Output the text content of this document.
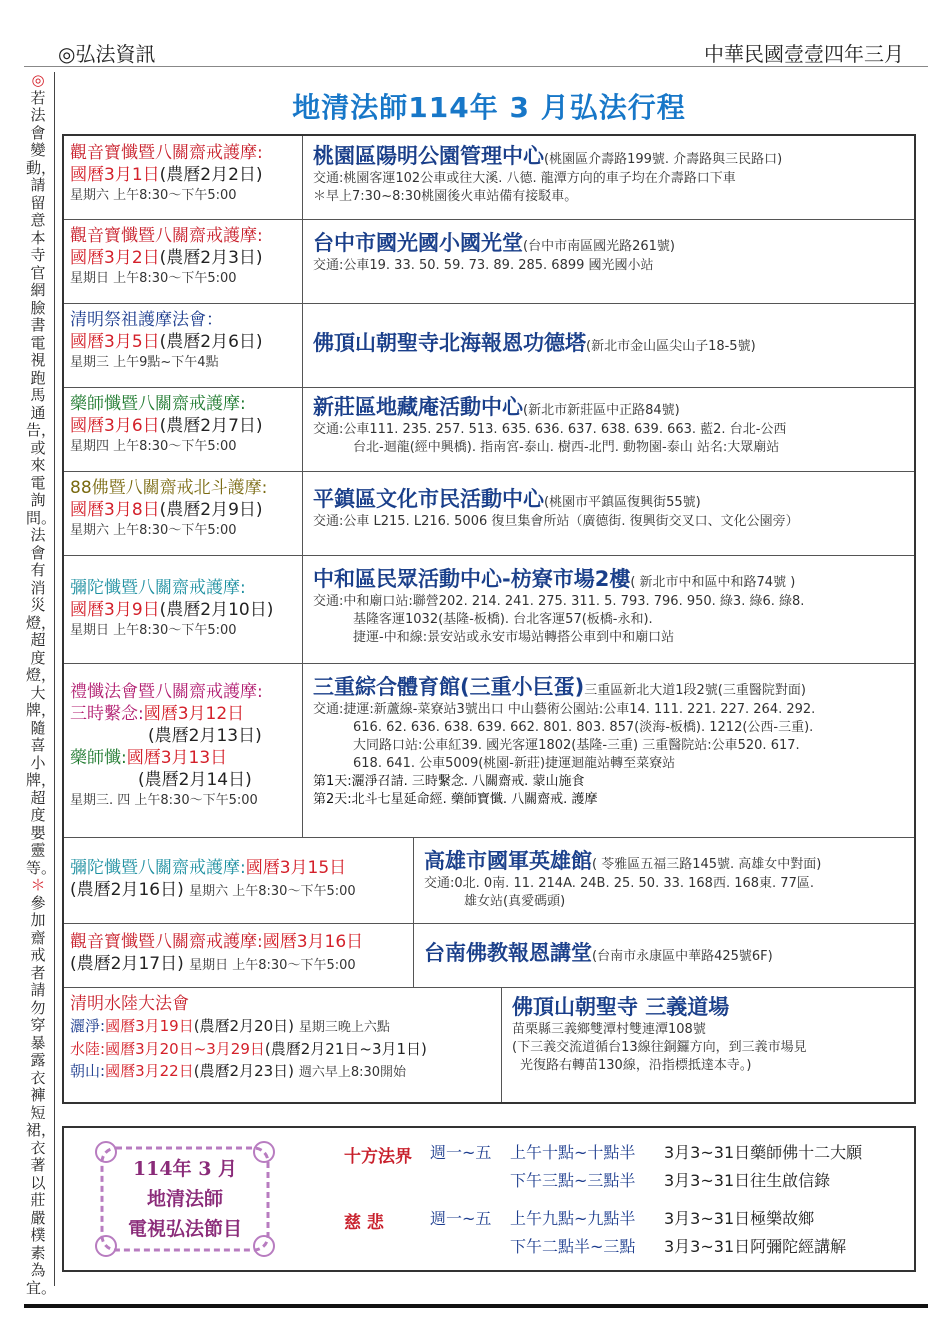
◎弘法資訊	中華民國壹壹四年三月
◎若法會變動，請留意本寺官網臉書電視跑馬通告，或來電詢問。法會有消災燈，超度燈，大牌，隨喜小牌，超度嬰靈等。＊參加齋戒者請勿穿暴露衣褲短裙，衣著以莊嚴樸素為宜。
地清法師114年 3 月弘法行程
觀音寶懺暨八關齋戒護摩:
國曆3月1日(農曆2月2日)
星期六 上午8:30～下午5:00
桃園區陽明公園管理中心(桃園區介壽路199號. 介壽路與三民路口)
交通:桃園客運102公車或往大溪. 八德. 龍潭方向的車子均在介壽路口下車
＊早上7:30~8:30桃園後火車站備有接駁車。
觀音寶懺暨八關齋戒護摩:
國曆3月2日(農曆2月3日)
星期日 上午8:30～下午5:00
台中市國光國小國光堂(台中市南區國光路261號)
交通:公車19. 33. 50. 59. 73. 89. 285. 6899 國光國小站
清明祭祖護摩法會：
國曆3月5日(農曆2月6日)
星期三 上午9點~下午4點
佛頂山朝聖寺北海報恩功德塔(新北市金山區尖山子18-5號)
藥師懺暨八關齋戒護摩:
國曆3月6日(農曆2月7日)
星期四 上午8:30～下午5:00
新莊區地藏庵活動中心(新北市新莊區中正路84號)
交通:公車111. 235. 257. 513. 635. 636. 637. 638. 639. 663. 藍2. 台北-公西
台北-迴龍(經中興橋). 指南宮-泰山. 樹西-北門. 動物園-泰山 站名:大眾廟站
88佛暨八關齋戒北斗護摩:
國曆3月8日(農曆2月9日)
星期六 上午8:30～下午5:00
平鎮區文化市民活動中心(桃園市平鎮區復興街55號)
交通:公車 L215. L216. 5006 復旦集會所站（廣德街. 復興街交叉口、文化公園旁）
彌陀懺暨八關齋戒護摩:
國曆3月9日(農曆2月10日)
星期日 上午8:30～下午5:00
中和區民眾活動中心-枋寮市場2樓( 新北市中和區中和路74號 )
交通:中和廟口站:聯營202. 214. 241. 275. 311. 5. 793. 796. 950. 綠3. 綠6. 綠8.
基隆客運1032(基隆-板橋). 台北客運57(板橋-永和).
捷運-中和線:景安站或永安市場站轉搭公車到中和廟口站
禮懺法會暨八關齋戒護摩:
三時繫念:國曆3月12日
(農曆2月13日)
藥師懺:國曆3月13日
(農曆2月14日)
星期三. 四 上午8:30～下午5:00
三重綜合體育館(三重小巨蛋)三重區新北大道1段2號(三重醫院對面)
交通:捷運:新蘆線-菜寮站3號出口 中山藝術公園站:公車14. 111. 221. 227. 264. 292.
616. 62. 636. 638. 639. 662. 801. 803. 857(淡海-板橋). 1212(公西-三重).
大同路口站:公車紅39. 國光客運1802(基隆-三重) 三重醫院站:公車520. 617.
618. 641. 公車5009(桃園-新莊)捷運迴龍站轉至菜寮站
第1天:灑淨召請. 三時繫念. 八關齋戒. 蒙山施食
第2天:北斗七星延命經. 藥師寶懺. 八關齋戒. 護摩
彌陀懺暨八關齋戒護摩:國曆3月15日
(農曆2月16日) 星期六 上午8:30～下午5:00
高雄市國軍英雄館( 苓雅區五福三路145號. 高雄女中對面)
交通:0北. 0南. 11. 214A. 24B. 25. 50. 33. 168西. 168東. 77區.
雄女站(真愛碼頭)
觀音寶懺暨八關齋戒護摩:國曆3月16日
(農曆2月17日) 星期日 上午8:30～下午5:00
台南佛教報恩講堂(台南市永康區中華路425號6F)
清明水陸大法會
灑淨:國曆3月19日(農曆2月20日) 星期三晚上六點
水陸:國曆3月20日~3月29日(農曆2月21日~3月1日)
朝山:國曆3月22日(農曆2月23日) 週六早上8:30開始
佛頂山朝聖寺 三義道場
苗栗縣三義鄉雙潭村雙連潭108號
(下三義交流道循台13線往銅鑼方向，到三義市場見
光復路右轉苗130線，沿指標抵達本寺。)
114年 3 月
地清法師
電視弘法節目
十方法界 週一~五 上午十點~十點半 3月3~31日藥師佛十二大願
下午三點~三點半 3月3~31日往生啟信錄
慈 悲	週一~五 上午九點~九點半 3月3~31日極樂故鄉
下午二點半~三點 3月3~31日阿彌陀經講解
